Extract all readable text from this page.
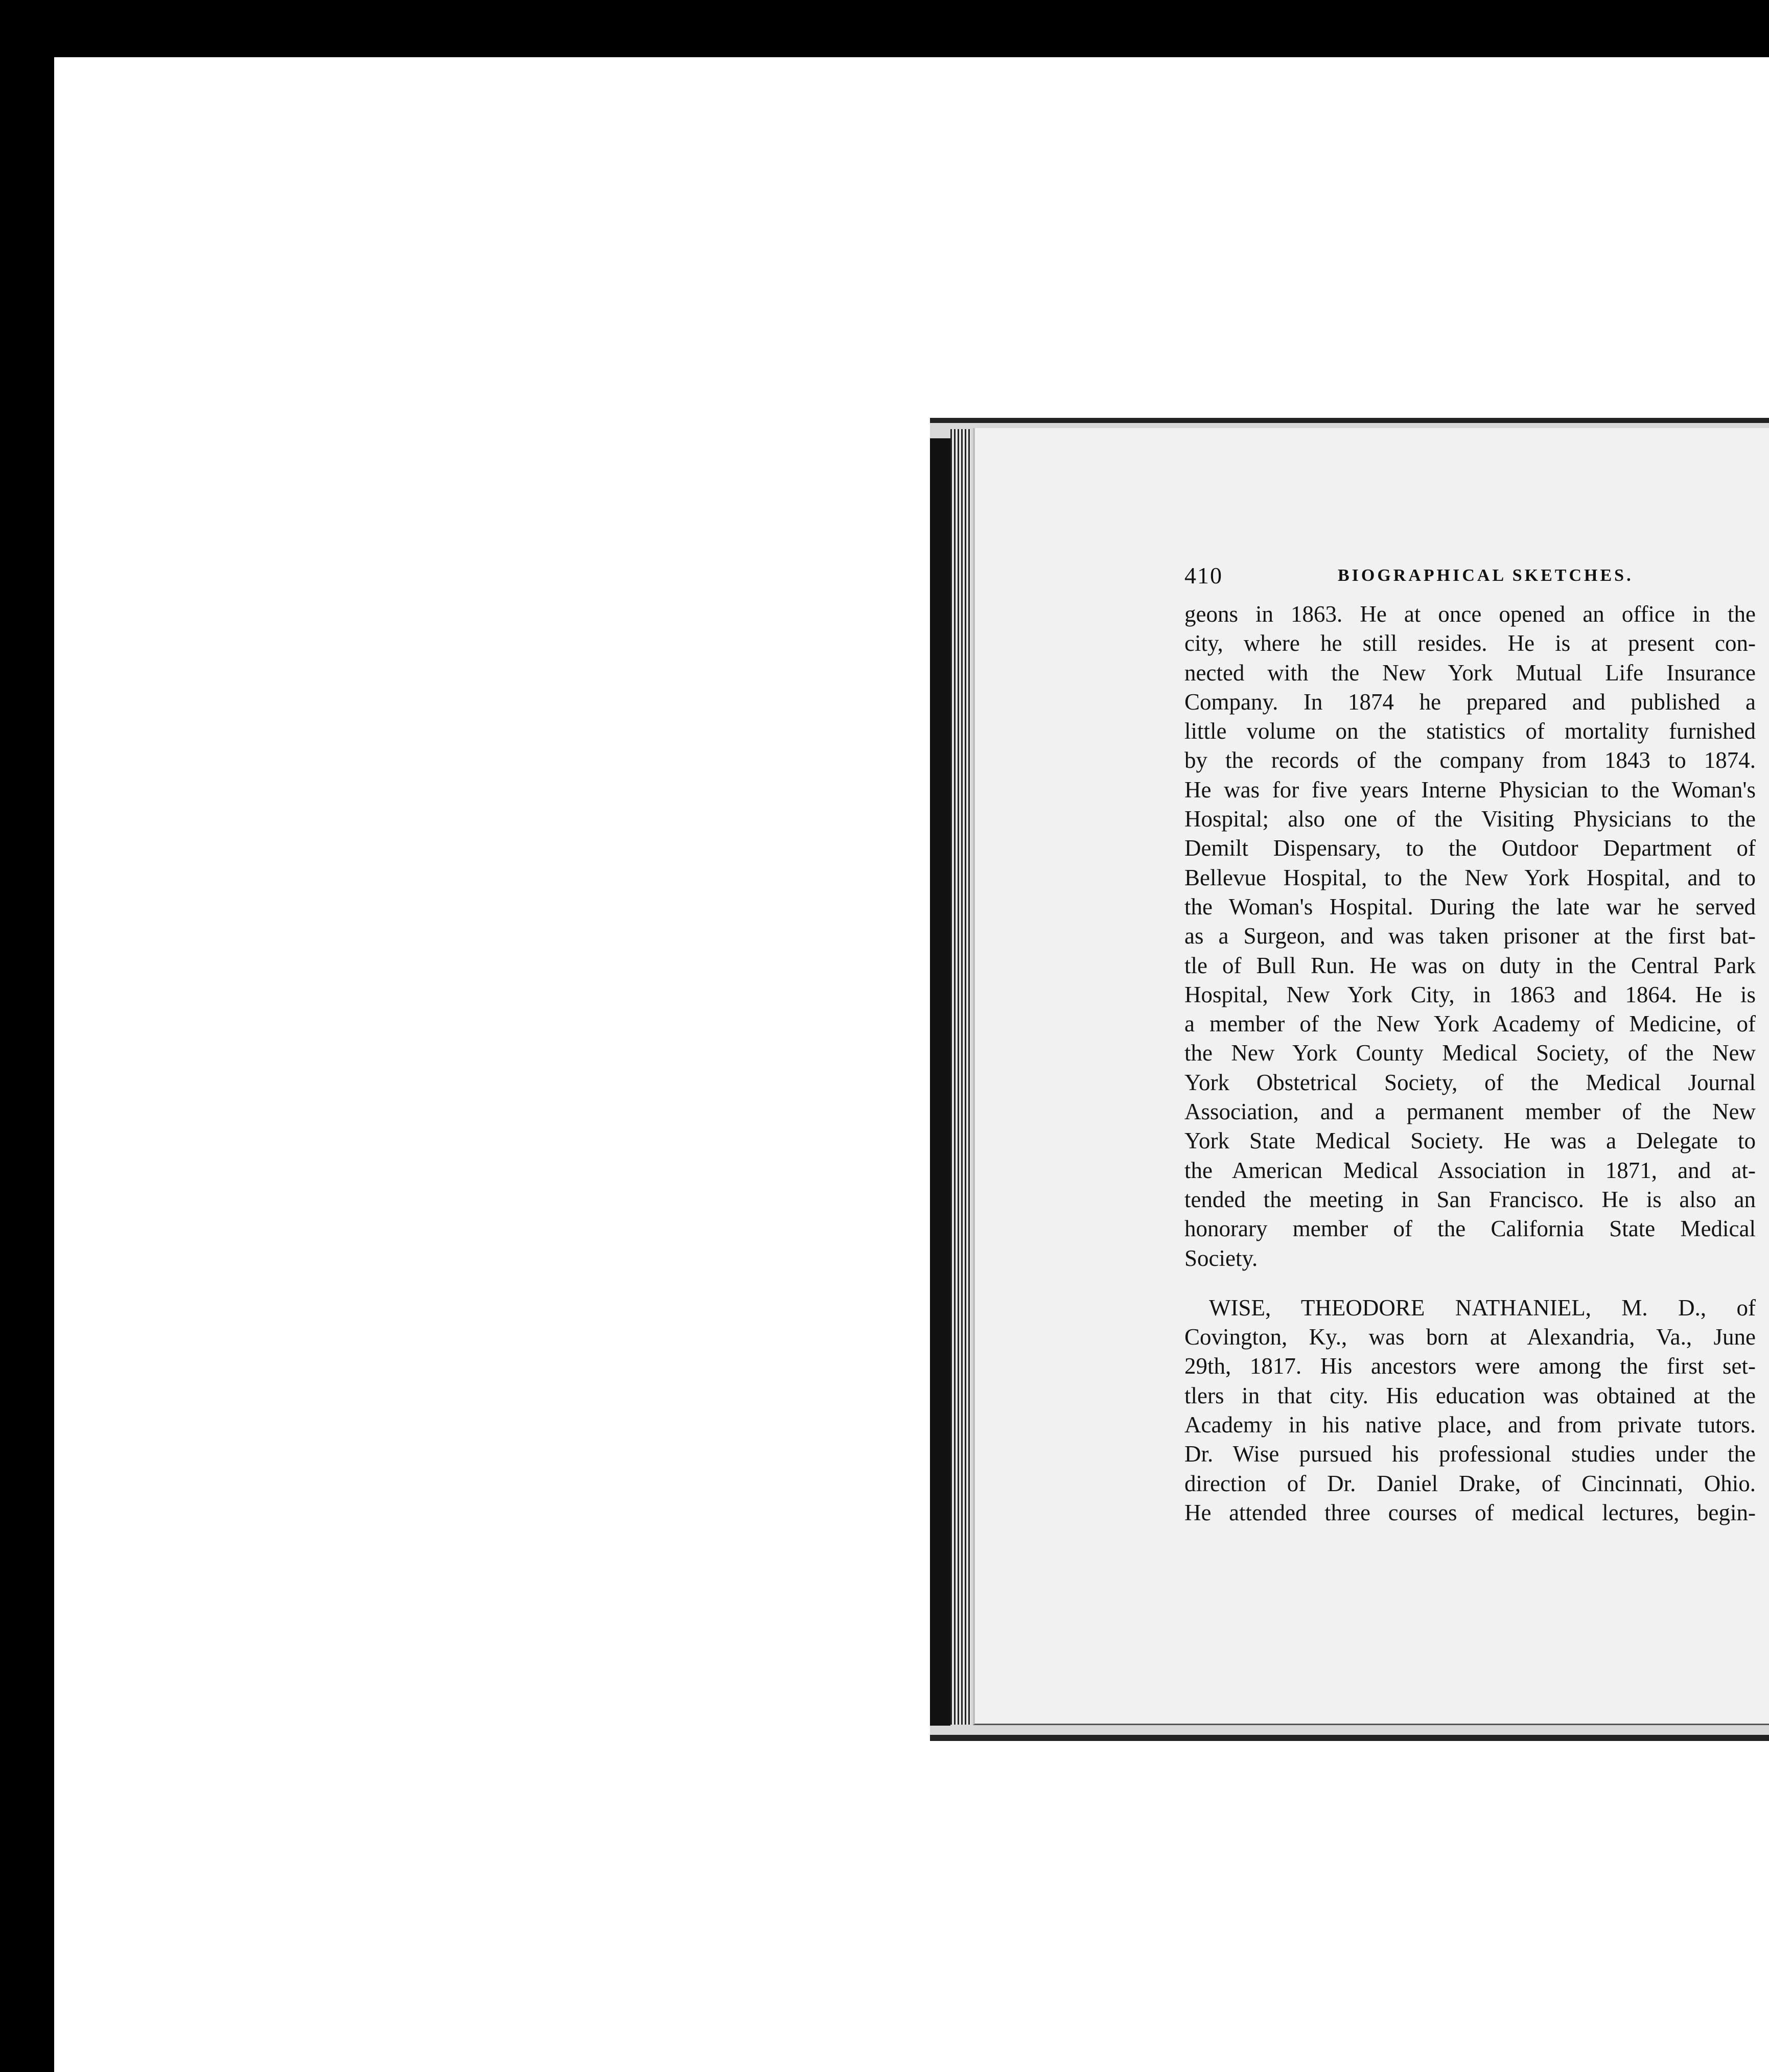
410	BIOGRAPHICAL SKETCHES.
geons in 1863. He at once opened an office in the
city, where he still resides. He is at present con-
nected with the New York Mutual Life Insurance
Company. In 1874 he prepared and published a
little volume on the statistics of mortality furnished
by the records of the company from 1843 to 1874.
He was for five years Interne Physician to the Woman's
Hospital; also one of the Visiting Physicians to the
Demilt Dispensary, to the Outdoor Department of
Bellevue Hospital, to the New York Hospital, and to
the Woman's Hospital. During the late war he served
as a Surgeon, and was taken prisoner at the first bat-
tle of Bull Run. He was on duty in the Central Park
Hospital, New York City, in 1863 and 1864. He is
a member of the New York Academy of Medicine, of
the New York County Medical Society, of the New
York Obstetrical Society, of the Medical Journal
Association, and a permanent member of the New
York State Medical Society. He was a Delegate to
the American Medical Association in 1871, and at-
tended the meeting in San Francisco. He is also an
honorary member of the California State Medical
Society.
WISE, THEODORE NATHANIEL, M. D., of
Covington, Ky., was born at Alexandria, Va., June
29th, 1817. His ancestors were among the first set-
tlers in that city. His education was obtained at the
Academy in his native place, and from private tutors.
Dr. Wise pursued his professional studies under the
direction of Dr. Daniel Drake, of Cincinnati, Ohio.
He attended three courses of medical lectures, begin-
